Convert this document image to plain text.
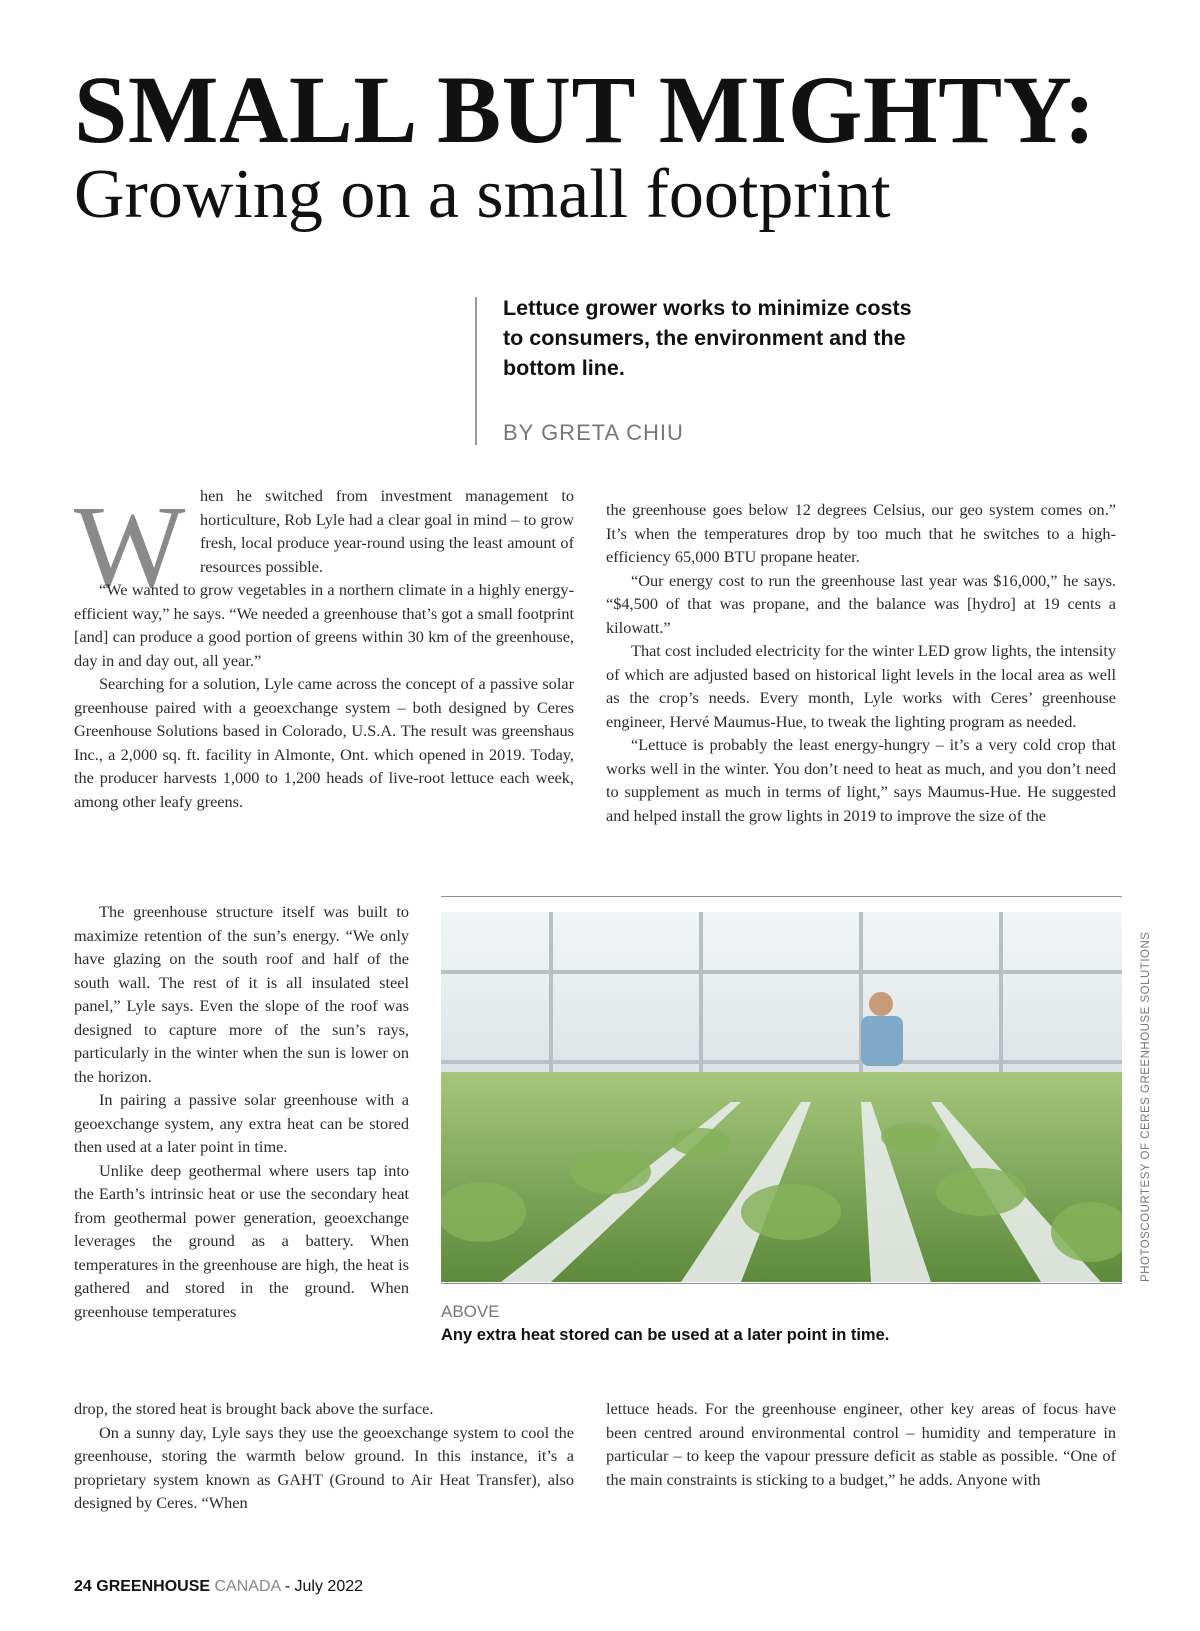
SMALL BUT MIGHTY:
Growing on a small footprint
Lettuce grower works to minimize costs to consumers, the environment and the bottom line.
BY GRETA CHIU
W hen he switched from investment management to horticulture, Rob Lyle had a clear goal in mind – to grow fresh, local produce year-round using the least amount of resources possible.

“We wanted to grow vegetables in a northern climate in a highly energy-efficient way,” he says. “We needed a greenhouse that’s got a small footprint [and] can produce a good portion of greens within 30 km of the greenhouse, day in and day out, all year.”

Searching for a solution, Lyle came across the concept of a passive solar greenhouse paired with a geoexchange system – both designed by Ceres Greenhouse Solutions based in Colorado, U.S.A. The result was greenshaus Inc., a 2,000 sq. ft. facility in Almonte, Ont. which opened in 2019. Today, the producer harvests 1,000 to 1,200 heads of live-root lettuce each week, among other leafy greens.

The greenhouse structure itself was built to maximize retention of the sun’s energy. “We only have glazing on the south roof and half of the south wall. The rest of it is all insulated steel panel,” Lyle says. Even the slope of the roof was designed to capture more of the sun’s rays, particularly in the winter when the sun is lower on the horizon.

In pairing a passive solar greenhouse with a geoexchange system, any extra heat can be stored then used at a later point in time.

Unlike deep geothermal where users tap into the Earth’s intrinsic heat or use the secondary heat from geothermal power generation, geoexchange leverages the ground as a battery. When temperatures in the greenhouse are high, the heat is gathered and stored in the ground. When greenhouse temperatures

drop, the stored heat is brought back above the surface.

On a sunny day, Lyle says they use the geoexchange system to cool the greenhouse, storing the warmth below ground. In this instance, it’s a proprietary system known as GAHT (Ground to Air Heat Transfer), also designed by Ceres. “When

the greenhouse goes below 12 degrees Celsius, our geo system comes on.” It’s when the temperatures drop by too much that he switches to a high-efficiency 65,000 BTU propane heater.

“Our energy cost to run the greenhouse last year was $16,000,” he says. “$4,500 of that was propane, and the balance was [hydro] at 19 cents a kilowatt.”

That cost included electricity for the winter LED grow lights, the intensity of which are adjusted based on historical light levels in the local area as well as the crop’s needs. Every month, Lyle works with Ceres’ greenhouse engineer, Hervé Maumus-Hue, to tweak the lighting program as needed.

“Lettuce is probably the least energy-hungry – it’s a very cold crop that works well in the winter. You don’t need to heat as much, and you don’t need to supplement as much in terms of light,” says Maumus-Hue. He suggested and helped install the grow lights in 2019 to improve the size of the

lettuce heads. For the greenhouse engineer, other key areas of focus have been centred around environmental control – humidity and temperature in particular – to keep the vapour pressure deficit as stable as possible. “One of the main constraints is sticking to a budget,” he adds. Anyone with

PHOTOSCOURTESY OF CERES GREENHOUSE SOLUTIONS
ABOVE
Any extra heat stored can be used at a later point in time.
24 GREENHOUSE CANADA - July 2022
